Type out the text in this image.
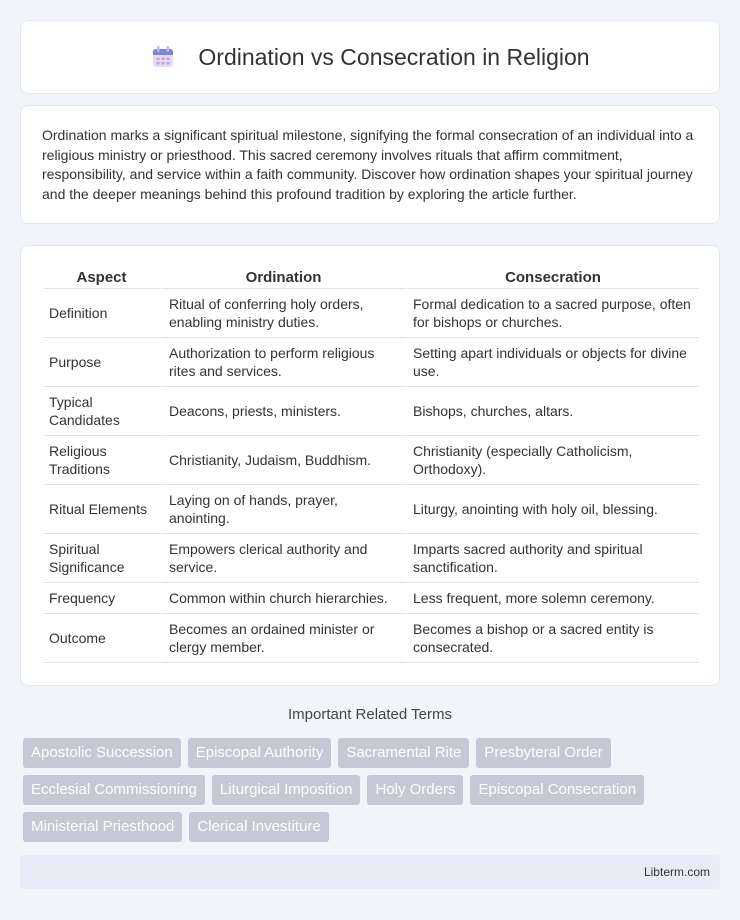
Ordination vs Consecration in Religion

Ordination marks a significant spiritual milestone, signifying the formal consecration of an individual into a religious ministry or priesthood. This sacred ceremony involves rituals that affirm commitment, responsibility, and service within a faith community. Discover how ordination shapes your spiritual journey and the deeper meanings behind this profound tradition by exploring the article further.

Aspect	Ordination	Consecration
Definition	Ritual of conferring holy orders, enabling ministry duties.	Formal dedication to a sacred purpose, often for bishops or churches.
Purpose	Authorization to perform religious rites and services.	Setting apart individuals or objects for divine use.
Typical Candidates	Deacons, priests, ministers.	Bishops, churches, altars.
Religious Traditions	Christianity, Judaism, Buddhism.	Christianity (especially Catholicism, Orthodoxy).
Ritual Elements	Laying on of hands, prayer, anointing.	Liturgy, anointing with holy oil, blessing.
Spiritual Significance	Empowers clerical authority and service.	Imparts sacred authority and spiritual sanctification.
Frequency	Common within church hierarchies.	Less frequent, more solemn ceremony.
Outcome	Becomes an ordained minister or clergy member.	Becomes a bishop or a sacred entity is consecrated.
Important Related Terms
Apostolic Succession	Episcopal Authority	Sacramental Rite	Presbyteral Order
Ecclesial Commissioning	Liturgical Imposition	Holy Orders	Episcopal Consecration
Ministerial Priesthood	Clerical Investiture
Libterm.com
